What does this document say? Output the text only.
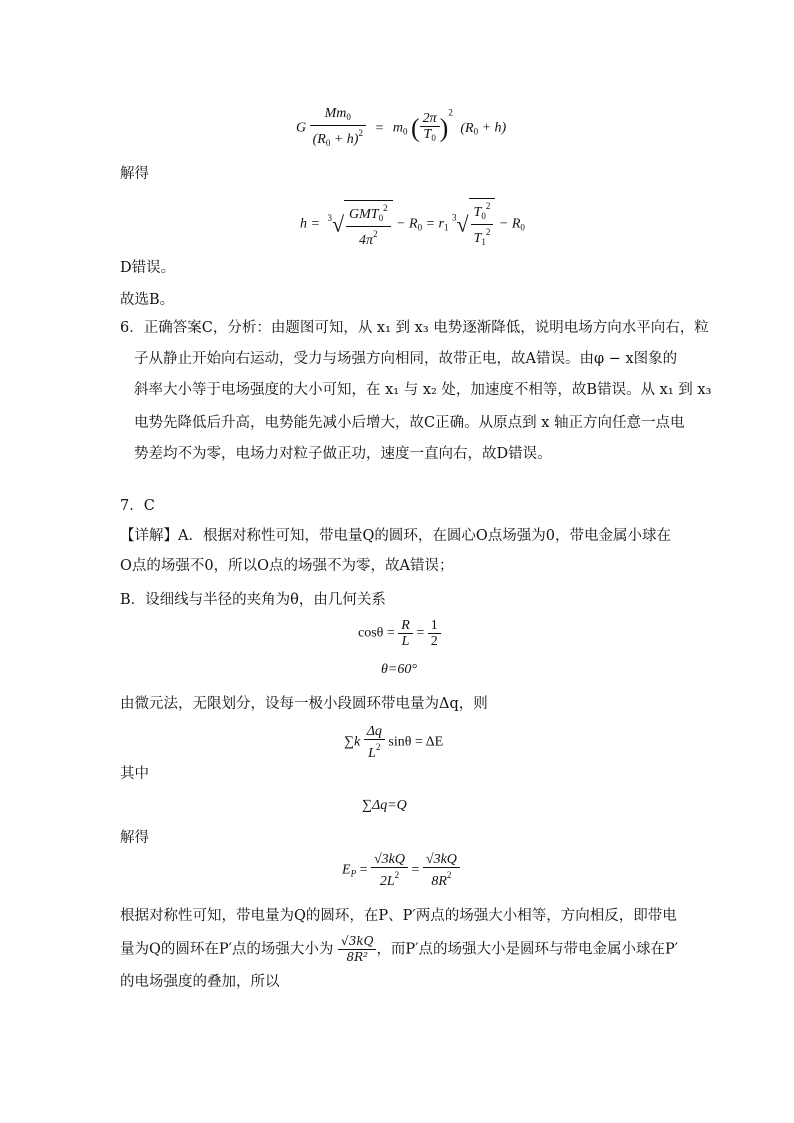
G $\frac{Mm_0}{(R_0 + h)^2} = m_0$ ( $\frac{2\pi}{T_0} )^2$ $(R_0 + h)$
解得
$h = ^3√ \frac{GMT_0^2}{4\pi^2} - R_0 = r_1$ $^3√ \frac{T_0^2}{T_1^2} - R_0$
D错误。
故选B。
6．正确答案C，分析：由题图可知，从 x₁ 到 x₃ 电势逐渐降低，说明电场方向水平向右，粒
子从静止开始向右运动，受力与场强方向相同，故带正电，故A错误。由φ − x图象的
斜率大小等于电场强度的大小可知，在 x₁ 与 x₂ 处，加速度不相等，故B错误。从 x₁ 到 x₃
电势先降低后升高，电势能先减小后增大，故C正确。从原点到 x 轴正方向任意一点电
势差均不为零，电场力对粒子做正功，速度一直向右，故D错误。
7．C
【详解】A．根据对称性可知，带电量Q的圆环，在圆心O点场强为0，带电金属小球在
O点的场强不0，所以O点的场强不为零，故A错误；
B．设细线与半径的夹角为θ，由几何关系
$\cos\theta = \frac{R}{L} = \frac{1}{2}$
θ=60°
由微元法，无限划分，设每一极小段圆环带电量为Δq，则
$\sum k \frac{\Delta q}{L^2}$ sinθ = ΔE
其中
∑Δq=Q
解得
$E_P = \frac{√3kQ}{2L^2} = \frac{√3kQ}{8R^2}$
根据对称性可知，带电量为Q的圆环，在P、P′两点的场强大小相等，方向相反，即带电
量为Q的圆环在P′点的场强大小为 $\frac{√3kQ}{\text{8R²}}$ ，而P′点的场强大小是圆环与带电金属小球在P′
的电场强度的叠加，所以
